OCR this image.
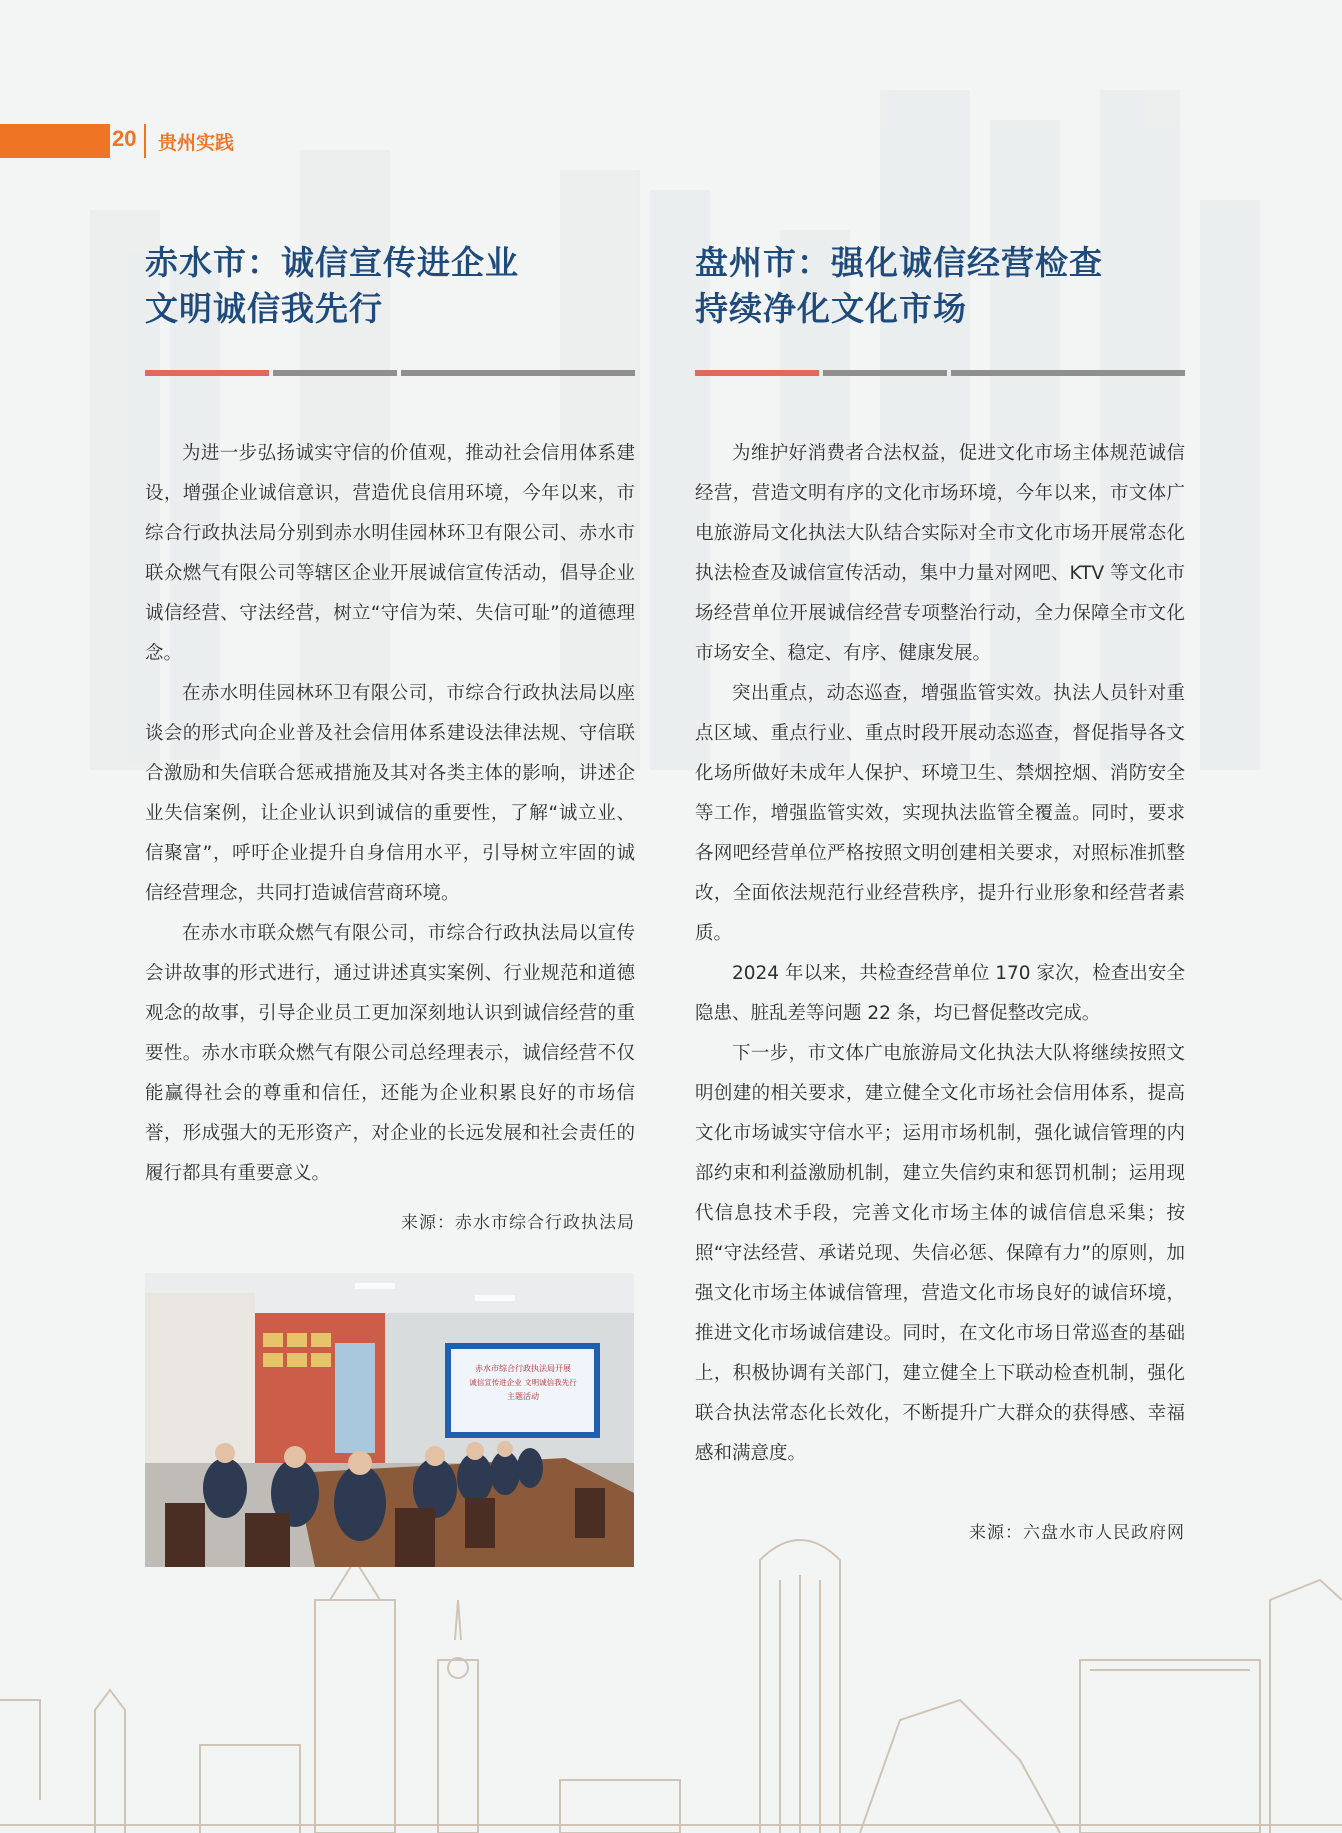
20 贵州实践
赤水市：诚信宣传进企业
文明诚信我先行

为进一步弘扬诚实守信的价值观，推动社会信用体系建设，增强企业诚信意识，营造优良信用环境，今年以来，市综合行政执法局分别到赤水明佳园林环卫有限公司、赤水市联众燃气有限公司等辖区企业开展诚信宣传活动，倡导企业诚信经营、守法经营，树立“守信为荣、失信可耻”的道德理念。

在赤水明佳园林环卫有限公司，市综合行政执法局以座谈会的形式向企业普及社会信用体系建设法律法规、守信联合激励和失信联合惩戒措施及其对各类主体的影响，讲述企业失信案例，让企业认识到诚信的重要性，了解“诚立业、信聚富”，呼吁企业提升自身信用水平，引导树立牢固的诚信经营理念，共同打造诚信营商环境。

在赤水市联众燃气有限公司，市综合行政执法局以宣传会讲故事的形式进行，通过讲述真实案例、行业规范和道德观念的故事，引导企业员工更加深刻地认识到诚信经营的重要性。赤水市联众燃气有限公司总经理表示，诚信经营不仅能赢得社会的尊重和信任，还能为企业积累良好的市场信誉，形成强大的无形资产，对企业的长远发展和社会责任的履行都具有重要意义。

来源：赤水市综合行政执法局
赤水市综合行政执法局开展
诚信宣传进企业 文明诚信我先行
主题活动
盘州市：强化诚信经营检查
持续净化文化市场

为维护好消费者合法权益，促进文化市场主体规范诚信经营，营造文明有序的文化市场环境，今年以来，市文体广电旅游局文化执法大队结合实际对全市文化市场开展常态化执法检查及诚信宣传活动，集中力量对网吧、KTV 等文化市场经营单位开展诚信经营专项整治行动，全力保障全市文化市场安全、稳定、有序、健康发展。

突出重点，动态巡查，增强监管实效。执法人员针对重点区域、重点行业、重点时段开展动态巡查，督促指导各文化场所做好未成年人保护、环境卫生、禁烟控烟、消防安全等工作，增强监管实效，实现执法监管全覆盖。同时，要求各网吧经营单位严格按照文明创建相关要求，对照标准抓整改，全面依法规范行业经营秩序，提升行业形象和经营者素质。

2024 年以来，共检查经营单位 170 家次，检查出安全隐患、脏乱差等问题 22 条，均已督促整改完成。

下一步，市文体广电旅游局文化执法大队将继续按照文明创建的相关要求，建立健全文化市场社会信用体系，提高文化市场诚实守信水平；运用市场机制，强化诚信管理的内部约束和利益激励机制，建立失信约束和惩罚机制；运用现代信息技术手段，完善文化市场主体的诚信信息采集；按照“守法经营、承诺兑现、失信必惩、保障有力”的原则，加强文化市场主体诚信管理，营造文化市场良好的诚信环境，推进文化市场诚信建设。同时，在文化市场日常巡查的基础上，积极协调有关部门，建立健全上下联动检查机制，强化联合执法常态化长效化，不断提升广大群众的获得感、幸福感和满意度。

来源：六盘水市人民政府网
